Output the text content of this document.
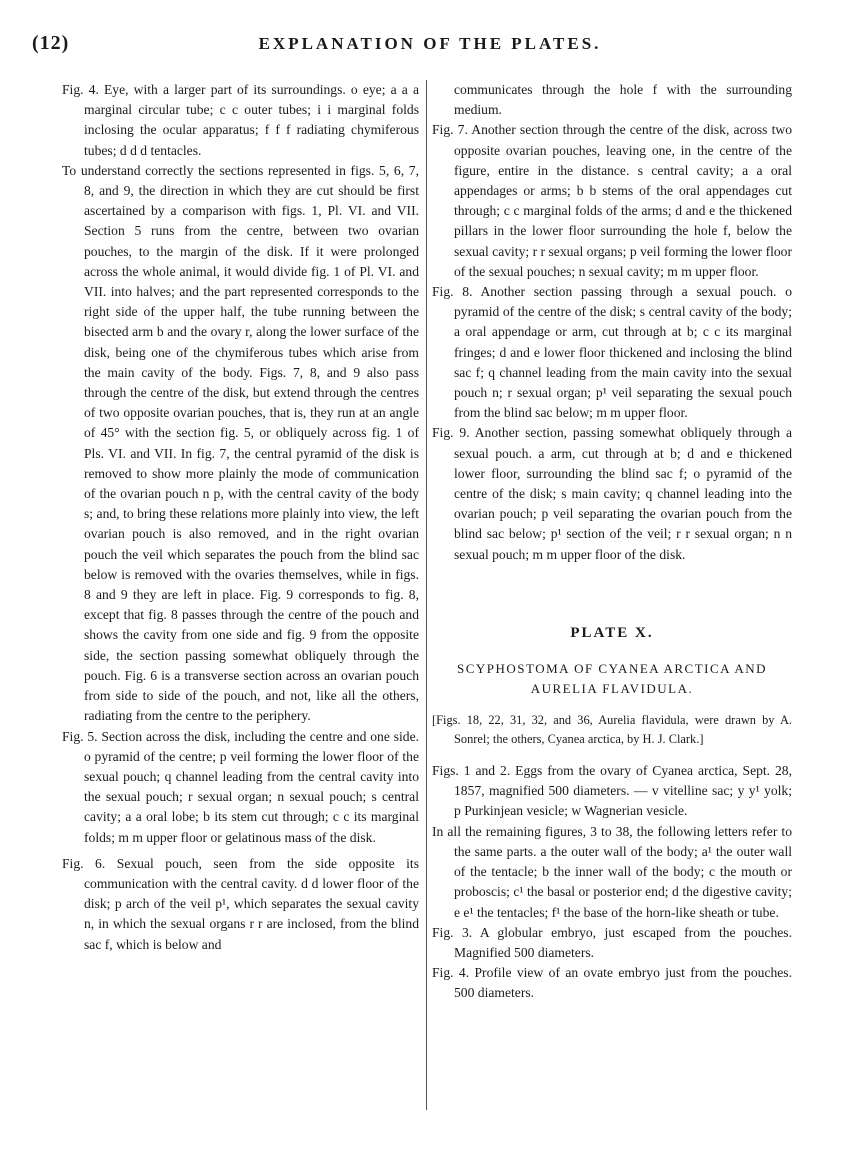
(12)	EXPLANATION OF THE PLATES.

Fig. 4. Eye, with a larger part of its surroundings. o eye; a a a marginal circular tube; c c outer tubes; i i marginal folds inclosing the ocular apparatus; f f f radiating chymiferous tubes; d d d tentacles.

To understand correctly the sections represented in figs. 5, 6, 7, 8, and 9, the direction in which they are cut should be first ascertained by a comparison with figs. 1, Pl. VI. and VII. Section 5 runs from the centre, between two ovarian pouches, to the margin of the disk. If it were prolonged across the whole animal, it would divide fig. 1 of Pl. VI. and VII. into halves; and the part represented corresponds to the right side of the upper half, the tube running between the bisected arm b and the ovary r, along the lower surface of the disk, being one of the chymiferous tubes which arise from the main cavity of the body. Figs. 7, 8, and 9 also pass through the centre of the disk, but extend through the centres of two opposite ovarian pouches, that is, they run at an angle of 45° with the section fig. 5, or obliquely across fig. 1 of Pls. VI. and VII. In fig. 7, the central pyramid of the disk is removed to show more plainly the mode of communication of the ovarian pouch n p, with the central cavity of the body s; and, to bring these relations more plainly into view, the left ovarian pouch is also removed, and in the right ovarian pouch the veil which separates the pouch from the blind sac below is removed with the ovaries themselves, while in figs. 8 and 9 they are left in place. Fig. 9 corresponds to fig. 8, except that fig. 8 passes through the centre of the pouch and shows the cavity from one side and fig. 9 from the opposite side, the section passing somewhat obliquely through the pouch. Fig. 6 is a transverse section across an ovarian pouch from side to side of the pouch, and not, like all the others, radiating from the centre to the periphery.

Fig. 5. Section across the disk, including the centre and one side. o pyramid of the centre; p veil forming the lower floor of the sexual pouch; q channel leading from the central cavity into the sexual pouch; r sexual organ; n sexual pouch; s central cavity; a a oral lobe; b its stem cut through; c c its marginal folds; m m upper floor or gelatinous mass of the disk.

Fig. 6. Sexual pouch, seen from the side opposite its communication with the central cavity. d d lower floor of the disk; p arch of the veil p¹, which separates the sexual cavity n, in which the sexual organs r r are inclosed, from the blind sac f, which is below and

communicates through the hole f with the surrounding medium.

Fig. 7. Another section through the centre of the disk, across two opposite ovarian pouches, leaving one, in the centre of the figure, entire in the distance. s central cavity; a a oral appendages or arms; b b stems of the oral appendages cut through; c c marginal folds of the arms; d and e the thickened pillars in the lower floor surrounding the hole f, below the sexual cavity; r r sexual organs; p veil forming the lower floor of the sexual pouches; n sexual cavity; m m upper floor.

Fig. 8. Another section passing through a sexual pouch. o pyramid of the centre of the disk; s central cavity of the body; a oral appendage or arm, cut through at b; c c its marginal fringes; d and e lower floor thickened and inclosing the blind sac f; q channel leading from the main cavity into the sexual pouch n; r sexual organ; p¹ veil separating the sexual pouch from the blind sac below; m m upper floor.

Fig. 9. Another section, passing somewhat obliquely through a sexual pouch. a arm, cut through at b; d and e thickened lower floor, surrounding the blind sac f; o pyramid of the centre of the disk; s main cavity; q channel leading into the ovarian pouch; p veil separating the ovarian pouch from the blind sac below; p¹ section of the veil; r r sexual organ; n n sexual pouch; m m upper floor of the disk.

PLATE X.

SCYPHOSTOMA OF CYANEA ARCTICA AND AURELIA FLAVIDULA.

[Figs. 18, 22, 31, 32, and 36, Aurelia flavidula, were drawn by A. Sonrel; the others, Cyanea arctica, by H. J. Clark.]

Figs. 1 and 2. Eggs from the ovary of Cyanea arctica, Sept. 28, 1857, magnified 500 diameters. — v vitelline sac; y y¹ yolk; p Purkinjean vesicle; w Wagnerian vesicle.

In all the remaining figures, 3 to 38, the following letters refer to the same parts. a the outer wall of the body; a¹ the outer wall of the tentacle; b the inner wall of the body; c the mouth or proboscis; c¹ the basal or posterior end; d the digestive cavity; e e¹ the tentacles; f¹ the base of the horn-like sheath or tube.

Fig. 3. A globular embryo, just escaped from the pouches. Magnified 500 diameters.

Fig. 4. Profile view of an ovate embryo just from the pouches. 500 diameters.
